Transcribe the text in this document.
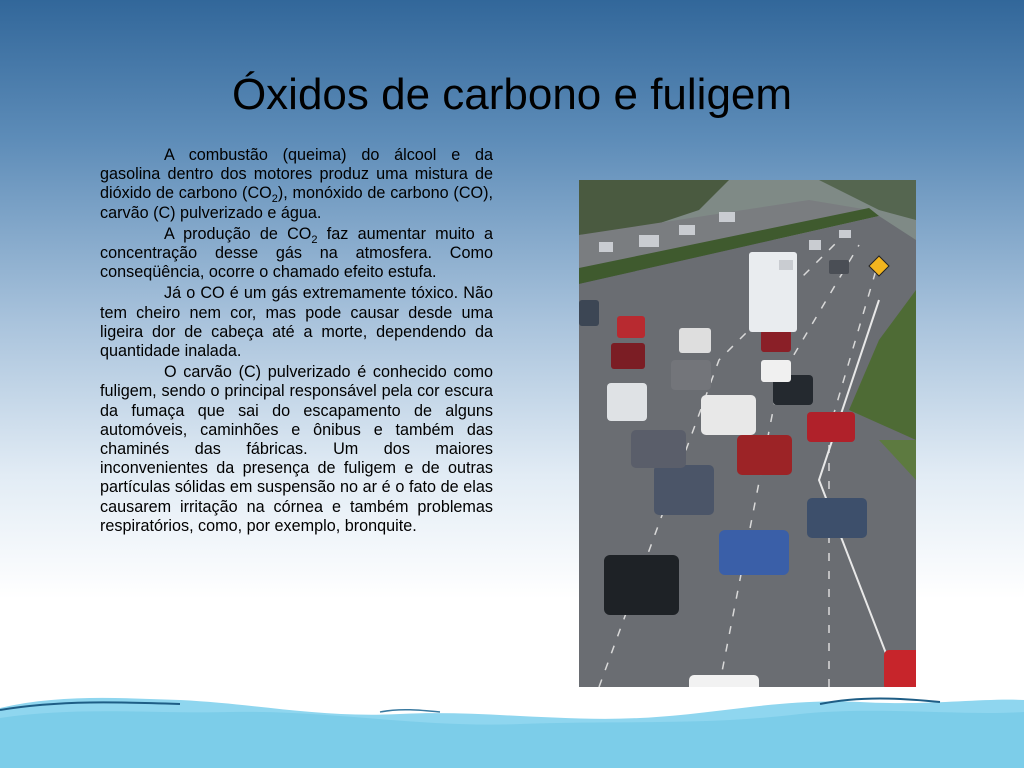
Óxidos de carbono e fuligem

A combustão (queima) do álcool e da gasolina dentro dos motores produz uma mistura de dióxido de carbono $(CO_2)$, monóxido de carbono (CO), carvão (C) pulverizado e água.

A produção de $CO_2$ faz aumentar muito a concentração desse gás na atmosfera. Como conseqüência, ocorre o chamado efeito estufa.

Já o CO é um gás extremamente tóxico. Não tem cheiro nem cor, mas pode causar desde uma ligeira dor de cabeça até a morte, dependendo da quantidade inalada.

O carvão (C) pulverizado é conhecido como fuligem, sendo o principal responsável pela cor escura da fumaça que sai do escapamento de alguns automóveis, caminhões e ônibus e também das chaminés das fábricas. Um dos maiores inconvenientes da presença de fuligem e de outras partículas sólidas em suspensão no ar é o fato de elas causarem irritação na córnea e também problemas respiratórios, como, por exemplo, bronquite.
